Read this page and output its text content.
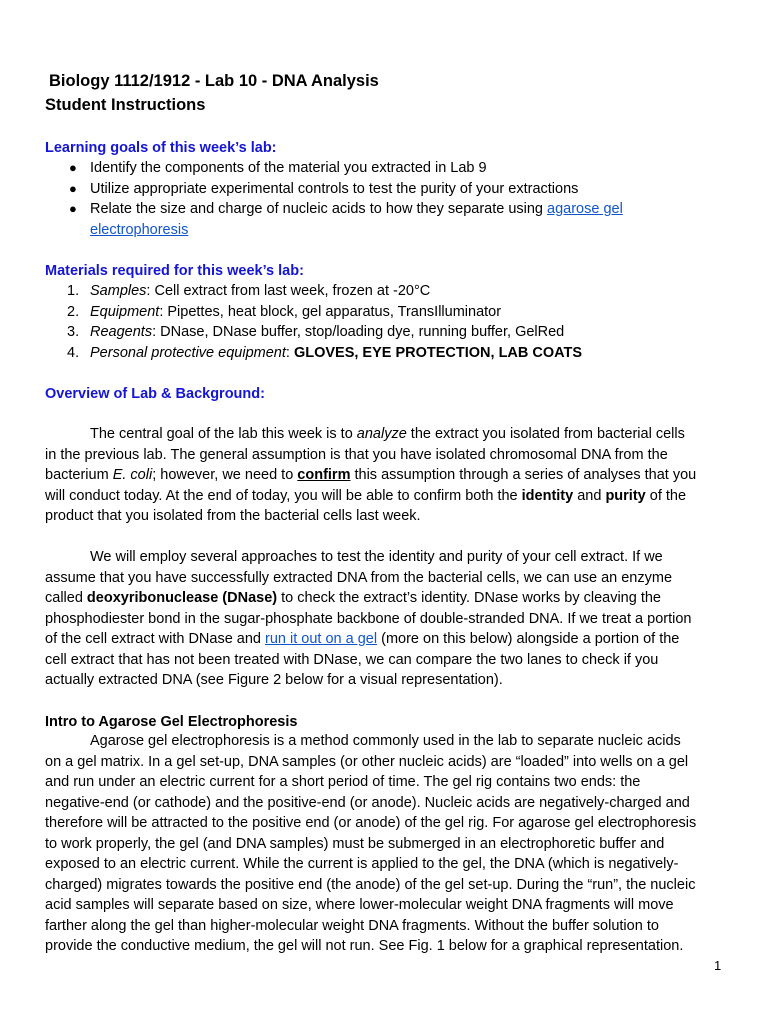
Biology 1112/1912 - Lab 10 - DNA Analysis
Student Instructions
Learning goals of this week’s lab:
● Identify the components of the material you extracted in Lab 9
● Utilize appropriate experimental controls to test the purity of your extractions
● Relate the size and charge of nucleic acids to how they separate using agarose gel
electrophoresis
Materials required for this week’s lab:
1. Samples: Cell extract from last week, frozen at -20°C
2. Equipment: Pipettes, heat block, gel apparatus, TransIlluminator
3. Reagents: DNase, DNase buffer, stop/loading dye, running buffer, GelRed
4. Personal protective equipment: GLOVES, EYE PROTECTION, LAB COATS
Overview of Lab & Background:
The central goal of the lab this week is to analyze the extract you isolated from bacterial cells
in the previous lab. The general assumption is that you have isolated chromosomal DNA from the
bacterium E. coli; however, we need to confirm this assumption through a series of analyses that you
will conduct today. At the end of today, you will be able to confirm both the identity and purity of the
product that you isolated from the bacterial cells last week.
We will employ several approaches to test the identity and purity of your cell extract. If we
assume that you have successfully extracted DNA from the bacterial cells, we can use an enzyme
called deoxyribonuclease (DNase) to check the extract’s identity. DNase works by cleaving the
phosphodiester bond in the sugar-phosphate backbone of double-stranded DNA. If we treat a portion
of the cell extract with DNase and run it out on a gel (more on this below) alongside a portion of the
cell extract that has not been treated with DNase, we can compare the two lanes to check if you
actually extracted DNA (see Figure 2 below for a visual representation).
Intro to Agarose Gel Electrophoresis
Agarose gel electrophoresis is a method commonly used in the lab to separate nucleic acids
on a gel matrix. In a gel set-up, DNA samples (or other nucleic acids) are “loaded” into wells on a gel
and run under an electric current for a short period of time. The gel rig contains two ends: the
negative-end (or cathode) and the positive-end (or anode). Nucleic acids are negatively-charged and
therefore will be attracted to the positive end (or anode) of the gel rig. For agarose gel electrophoresis
to work properly, the gel (and DNA samples) must be submerged in an electrophoretic buffer and
exposed to an electric current. While the current is applied to the gel, the DNA (which is negatively-
charged) migrates towards the positive end (the anode) of the gel set-up. During the “run”, the nucleic
acid samples will separate based on size, where lower-molecular weight DNA fragments will move
farther along the gel than higher-molecular weight DNA fragments. Without the buffer solution to
provide the conductive medium, the gel will not run. See Fig. 1 below for a graphical representation.
1
